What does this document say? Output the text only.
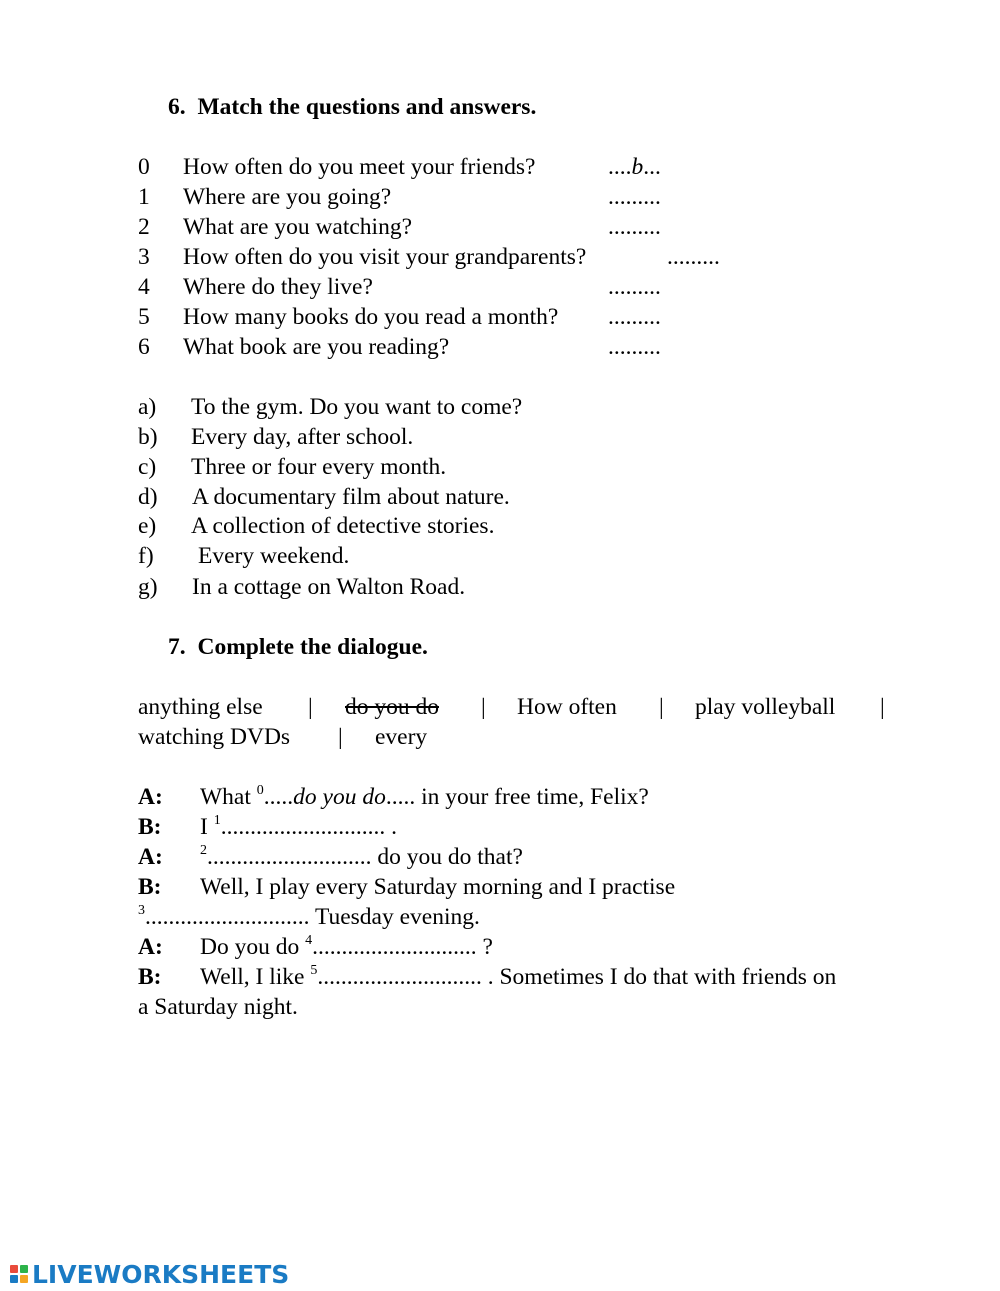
6. Match the questions and answers.
0 How often do you meet your friends?	....b...
1 Where are you going?	.........
2 What are you watching?	.........
3 How often do you visit your grandparents?	.........
4 Where do they live?	.........
5 How many books do you read a month? .........
6 What book are you reading?	.........
a) To the gym. Do you want to come?
b) Every day, after school.
c) Three or four every month.
d) A documentary film about nature.
e) A collection of detective stories.
f) Every weekend.
g) In a cottage on Walton Road.
7. Complete the dialogue.
anything else | do you do | How often | play volleyball |
watching DVDs | every
A: What $^0$.....do you do..... in your free time, Felix?
B: I $^1$............................ .
A:	$^2$............................ do you do that?
B: Well, I play every Saturday morning and I practise
$^3$............................ Tuesday evening.
A: Do you do $^4$............................ ?
B: Well, I like $^5$............................ . Sometimes I do that with friends on
a Saturday night.
LIVEWORKSHEETS
